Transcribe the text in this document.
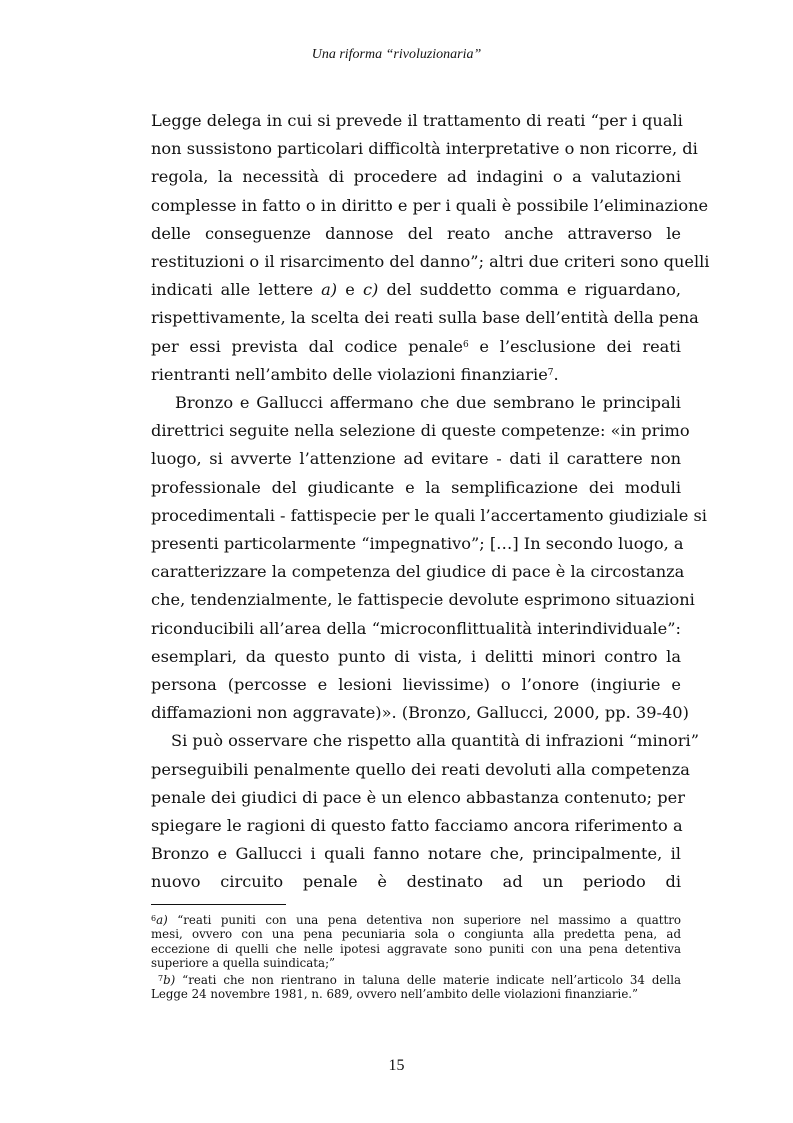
Una riforma “rivoluzionaria”

Legge delega in cui si prevede il trattamento di reati “per i quali
non sussistono particolari difficoltà interpretative o non ricorre, di
regola, la necessità di procedere ad indagini o a valutazioni
complesse in fatto o in diritto e per i quali è possibile l’eliminazione
delle conseguenze dannose del reato anche attraverso le
restituzioni o il risarcimento del danno”; altri due criteri sono quelli
indicati alle lettere a) e c) del suddetto comma e riguardano,
rispettivamente, la scelta dei reati sulla base dell’entità della pena
per essi prevista dal codice penale$^6$ e l’esclusione dei reati
rientranti nell’ambito delle violazioni finanziarie$^7$.

Bronzo e Gallucci affermano che due sembrano le principali
direttrici seguite nella selezione di queste competenze: «in primo
luogo, si avverte l’attenzione ad evitare - dati il carattere non
professionale del giudicante e la semplificazione dei moduli
procedimentali - fattispecie per le quali l’accertamento giudiziale si
presenti particolarmente “impegnativo”; […] In secondo luogo, a
caratterizzare la competenza del giudice di pace è la circostanza
che, tendenzialmente, le fattispecie devolute esprimono situazioni
riconducibili all’area della “microconflittualità interindividuale”:
esemplari, da questo punto di vista, i delitti minori contro la
persona (percosse e lesioni lievissime) o l’onore (ingiurie e
diffamazioni non aggravate)». (Bronzo, Gallucci, 2000, pp. 39-40)

Si può osservare che rispetto alla quantità di infrazioni “minori”
perseguibili penalmente quello dei reati devoluti alla competenza
penale dei giudici di pace è un elenco abbastanza contenuto; per
spiegare le ragioni di questo fatto facciamo ancora riferimento a
Bronzo e Gallucci i quali fanno notare che, principalmente, il
nuovo circuito penale è destinato ad un periodo di

$^6$a) “reati puniti con una pena detentiva non superiore nel massimo a quattro
mesi, ovvero con una pena pecuniaria sola o congiunta alla predetta pena, ad
eccezione di quelli che nelle ipotesi aggravate sono puniti con una pena detentiva
superiore a quella suindicata;”
$^7$b) “reati che non rientrano in taluna delle materie indicate nell’articolo 34 della
Legge 24 novembre 1981, n. 689, ovvero nell’ambito delle violazioni finanziarie.”
15
